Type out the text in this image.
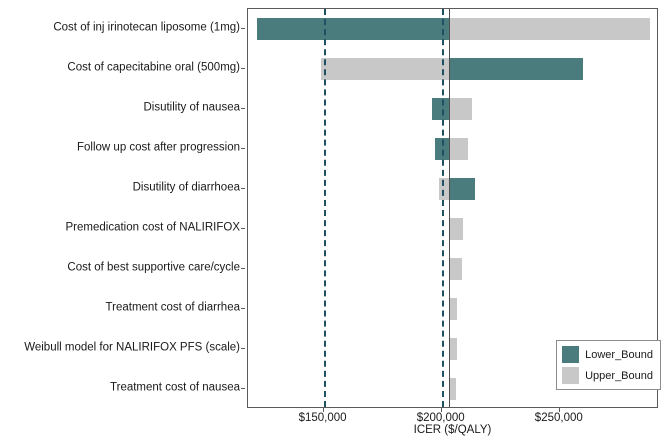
Cost of inj irinotecan liposome (1mg)
Cost of capecitabine oral (500mg)
Disutility of nausea
Follow up cost after progression
Disutility of diarrhoea
Premedication cost of NALIRIFOX
Cost of best supportive care/cycle
Treatment cost of diarrhea
Weibull model for NALIRIFOX PFS (scale)
Treatment cost of nausea
$150,000	$200,000	$250,000
ICER ($/QALY)
Lower_Bound
Upper_Bound
